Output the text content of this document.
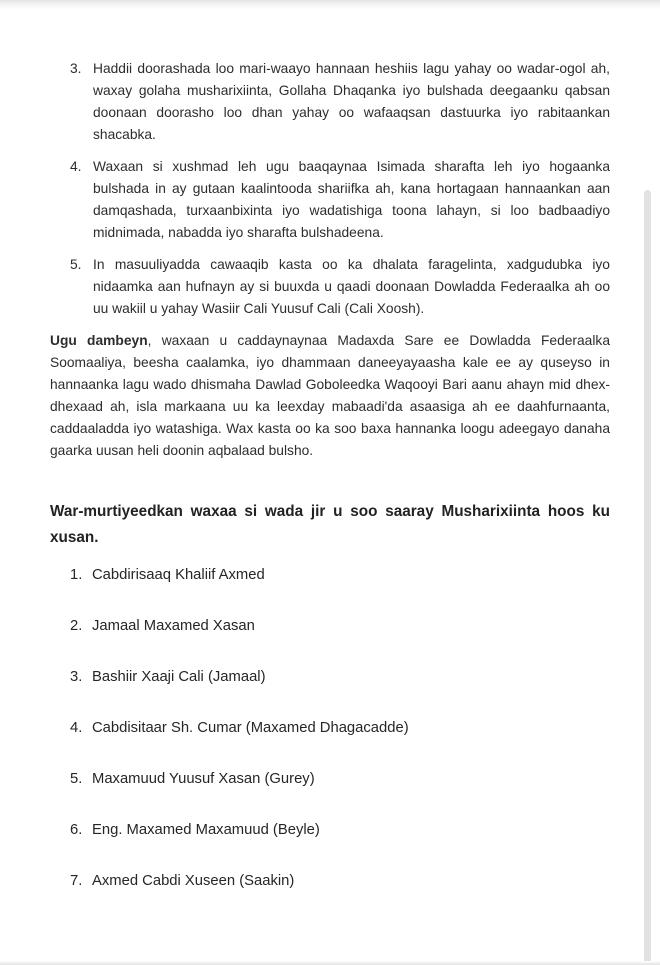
3. Haddii doorashada loo mari-waayo hannaan heshiis lagu yahay oo wadar-ogol ah, waxay golaha musharixiinta, Gollaha Dhaqanka iyo bulshada deegaanku qabsan doonaan doorasho loo dhan yahay oo wafaaqsan dastuurka iyo rabitaankan shacabka.

4. Waxaan si xushmad leh ugu baaqaynaa Isimada sharafta leh iyo hogaanka bulshada in ay gutaan kaalintooda shariifka ah, kana hortagaan hannaankan aan damqashada, turxaanbixinta iyo wadatishiga toona lahayn, si loo badbaadiyo midnimada, nabadda iyo sharafta bulshadeena.

5. In masuuliyadda cawaaqib kasta oo ka dhalata faragelinta, xadgudubka iyo nidaamka aan hufnayn ay si buuxda u qaadi doonaan Dowladda Federaalka ah oo uu wakiil u yahay Wasiir Cali Yuusuf Cali (Cali Xoosh).

Ugu dambeyn, waxaan u caddaynaynaa Madaxda Sare ee Dowladda Federaalka Soomaaliya, beesha caalamka, iyo dhammaan daneeyayaasha kale ee ay quseyso in hannaanka lagu wado dhismaha Dawlad Goboleedka Waqooyi Bari aanu ahayn mid dhex-dhexaad ah, isla markaana uu ka leexday mabaadi'da asaasiga ah ee daahfurnaanta, caddaaladda iyo watashiga. Wax kasta oo ka soo baxa hannanka loogu adeegayo danaha gaarka uusan heli doonin aqbalaad bulsho.

War-murtiyeedkan waxaa si wada jir u soo saaray Musharixiinta hoos ku xusan.
1. Cabdirisaaq Khaliif Axmed
2. Jamaal Maxamed Xasan
3. Bashiir Xaaji Cali (Jamaal)
4. Cabdisitaar Sh. Cumar (Maxamed Dhagacadde)
5. Maxamuud Yuusuf Xasan (Gurey)
6. Eng. Maxamed Maxamuud (Beyle)
7. Axmed Cabdi Xuseen (Saakin)
